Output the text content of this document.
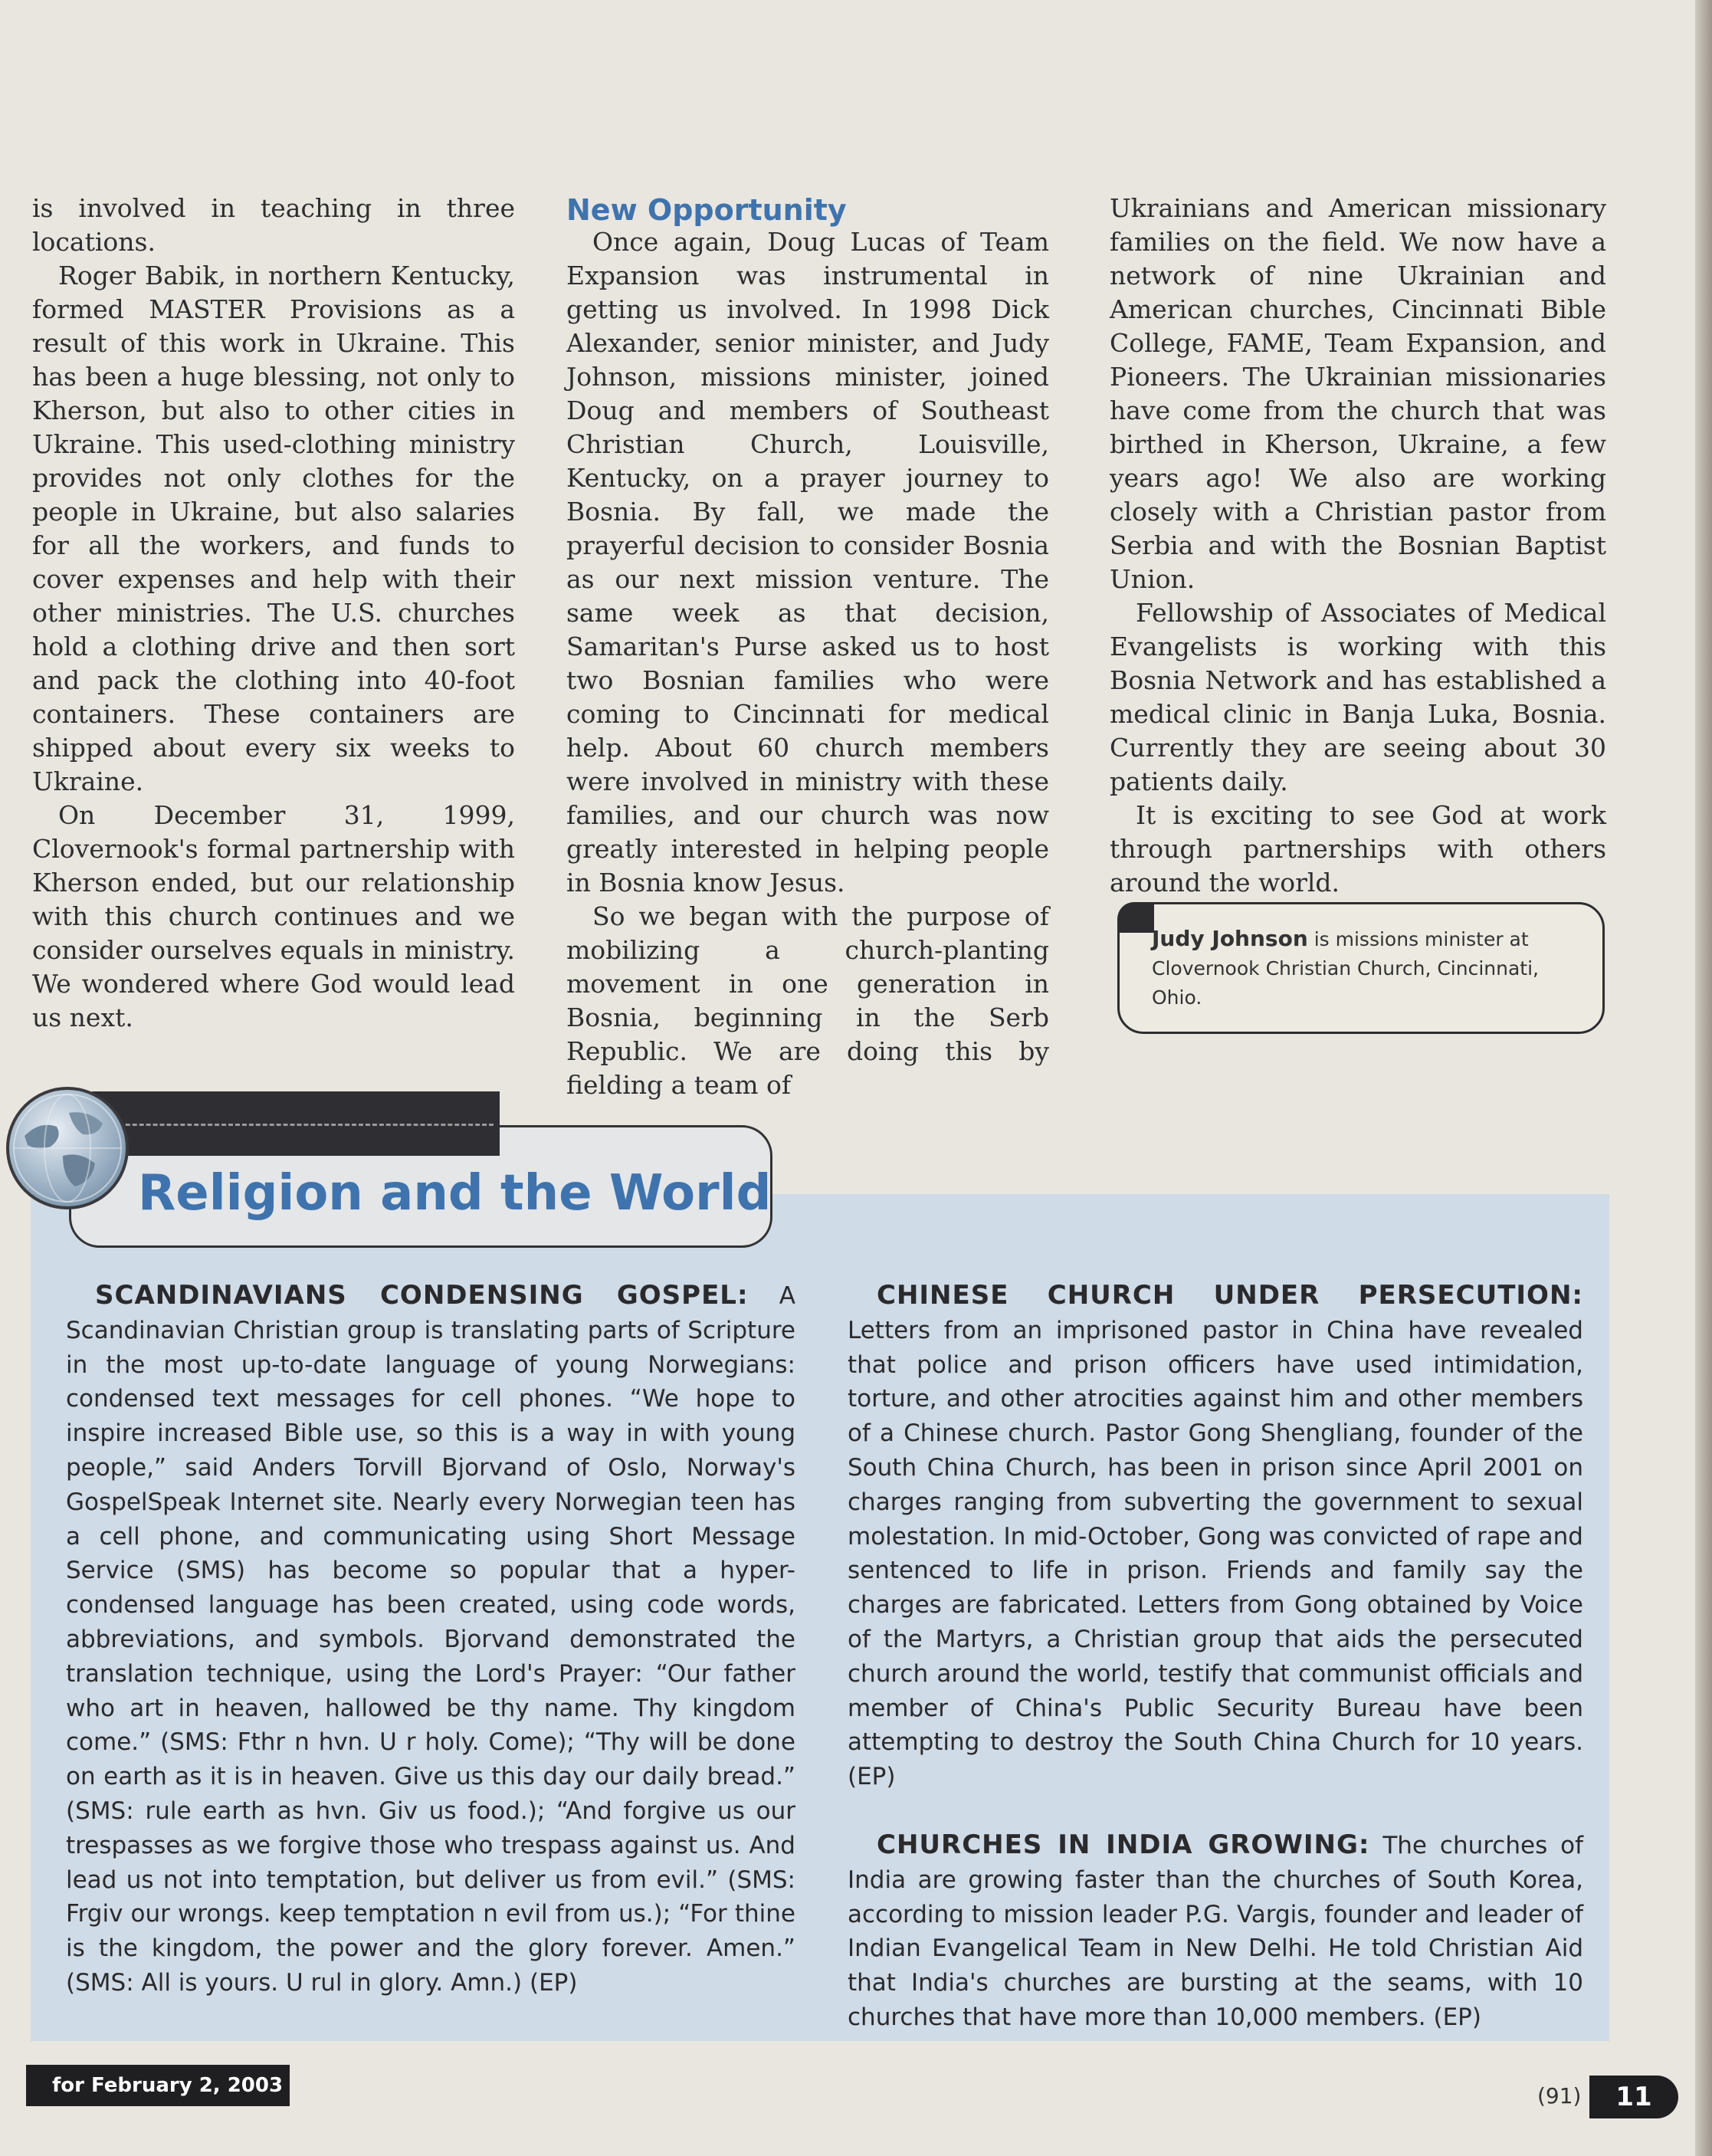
is involved in teaching in three locations.

Roger Babik, in northern Kentucky, formed MASTER Provisions as a result of this work in Ukraine. This has been a huge blessing, not only to Kherson, but also to other cities in Ukraine. This used-clothing ministry provides not only clothes for the people in Ukraine, but also salaries for all the workers, and funds to cover expenses and help with their other ministries. The U.S. churches hold a clothing drive and then sort and pack the clothing into 40-foot containers. These containers are shipped about every six weeks to Ukraine.

On December 31, 1999, Clovernook's formal partnership with Kherson ended, but our relationship with this church continues and we consider ourselves equals in ministry. We wondered where God would lead us next.

New Opportunity

Once again, Doug Lucas of Team Expansion was instrumental in getting us involved. In 1998 Dick Alexander, senior minister, and Judy Johnson, missions minister, joined Doug and members of Southeast Christian Church, Louisville, Kentucky, on a prayer journey to Bosnia. By fall, we made the prayerful decision to consider Bosnia as our next mission venture. The same week as that decision, Samaritan's Purse asked us to host two Bosnian families who were coming to Cincinnati for medical help. About 60 church members were involved in ministry with these families, and our church was now greatly interested in helping people in Bosnia know Jesus.

So we began with the purpose of mobilizing a church-planting movement in one generation in Bosnia, beginning in the Serb Republic. We are doing this by fielding a team of

Ukrainians and American missionary families on the field. We now have a network of nine Ukrainian and American churches, Cincinnati Bible College, FAME, Team Expansion, and Pioneers. The Ukrainian missionaries have come from the church that was birthed in Kherson, Ukraine, a few years ago! We also are working closely with a Christian pastor from Serbia and with the Bosnian Baptist Union.

Fellowship of Associates of Medical Evangelists is working with this Bosnia Network and has established a medical clinic in Banja Luka, Bosnia. Currently they are seeing about 30 patients daily.

It is exciting to see God at work through partnerships with others around the world.

Judy Johnson is missions minister at Clovernook Christian Church, Cincinnati, Ohio.
Religion and the World

SCANDINAVIANS CONDENSING GOSPEL: A Scandinavian Christian group is translating parts of Scripture in the most up-to-date language of young Norwegians: condensed text messages for cell phones. “We hope to inspire increased Bible use, so this is a way in with young people,” said Anders Torvill Bjorvand of Oslo, Norway's GospelSpeak Internet site. Nearly every Norwegian teen has a cell phone, and communicating using Short Message Service (SMS) has become so popular that a hyper-condensed language has been created, using code words, abbreviations, and symbols. Bjorvand demonstrated the translation technique, using the Lord's Prayer: “Our father who art in heaven, hallowed be thy name. Thy kingdom come.” (SMS: Fthr n hvn. U r holy. Come); “Thy will be done on earth as it is in heaven. Give us this day our daily bread.” (SMS: rule earth as hvn. Giv us food.); “And forgive us our trespasses as we forgive those who trespass against us. And lead us not into temptation, but deliver us from evil.” (SMS: Frgiv our wrongs. keep temptation n evil from us.); “For thine is the kingdom, the power and the glory forever. Amen.” (SMS: All is yours. U rul in glory. Amn.) (EP)

CHINESE CHURCH UNDER PERSECUTION: Letters from an imprisoned pastor in China have revealed that police and prison officers have used intimidation, torture, and other atrocities against him and other members of a Chinese church. Pastor Gong Shengliang, founder of the South China Church, has been in prison since April 2001 on charges ranging from subverting the government to sexual molestation. In mid-October, Gong was convicted of rape and sentenced to life in prison. Friends and family say the charges are fabricated. Letters from Gong obtained by Voice of the Martyrs, a Christian group that aids the persecuted church around the world, testify that communist officials and member of China's Public Security Bureau have been attempting to destroy the South China Church for 10 years. (EP)

CHURCHES IN INDIA GROWING: The churches of India are growing faster than the churches of South Korea, according to mission leader P.G. Vargis, founder and leader of Indian Evangelical Team in New Delhi. He told Christian Aid that India's churches are bursting at the seams, with 10 churches that have more than 10,000 members. (EP)

for February 2, 2003	(91)	11
